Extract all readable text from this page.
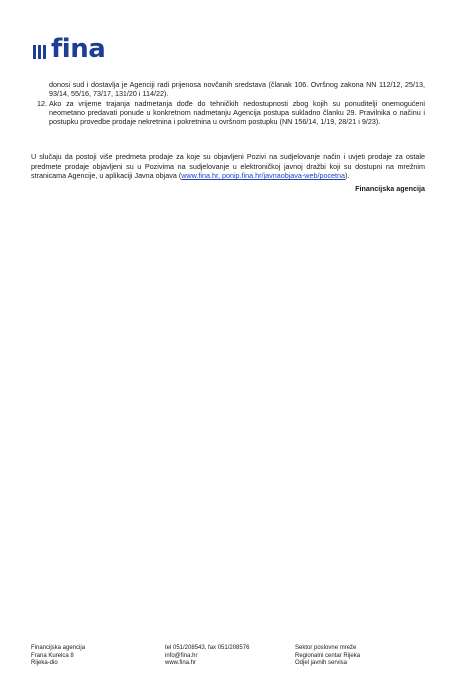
fina
donosi sud i dostavlja je Agenciji radi prijenosa novčanih sredstava (članak 106. Ovršnog zakona NN 112/12, 25/13, 93/14, 55/16, 73/17, 131/20 i 114/22).
12. Ako za vrijeme trajanja nadmetanja dođe do tehničkih nedostupnosti zbog kojih su ponuditelji onemogućeni neometano predavati ponude u konkretnom nadmetanju Agencija postupa sukladno članku 29. Pravilnika o načinu i postupku provedbe prodaje nekretnina i pokretnina u ovršnom postupku (NN 156/14, 1/19, 28/21 i 9/23).
U slučaju da postoji više predmeta prodaje za koje su objavljeni Pozivi na sudjelovanje način i uvjeti prodaje za ostale predmete prodaje objavljeni su u Pozivima na sudjelovanje u elektroničkoj javnoj dražbi koji su dostupni na mrežnim stranicama Agencije, u aplikaciji Javna objava (www.fina.hr, ponip.fina.hr/javnaobjava-web/pocetna).
Financijska agencija
Financijska agencija
Frana Kurelca 8
Rijeka-dio
tel 051/208543, fax 051/208576
info@fina.hr
www.fina.hr
Sektor poslovne mreže
Regionalni centar Rijeka
Odjel javnih servisa
